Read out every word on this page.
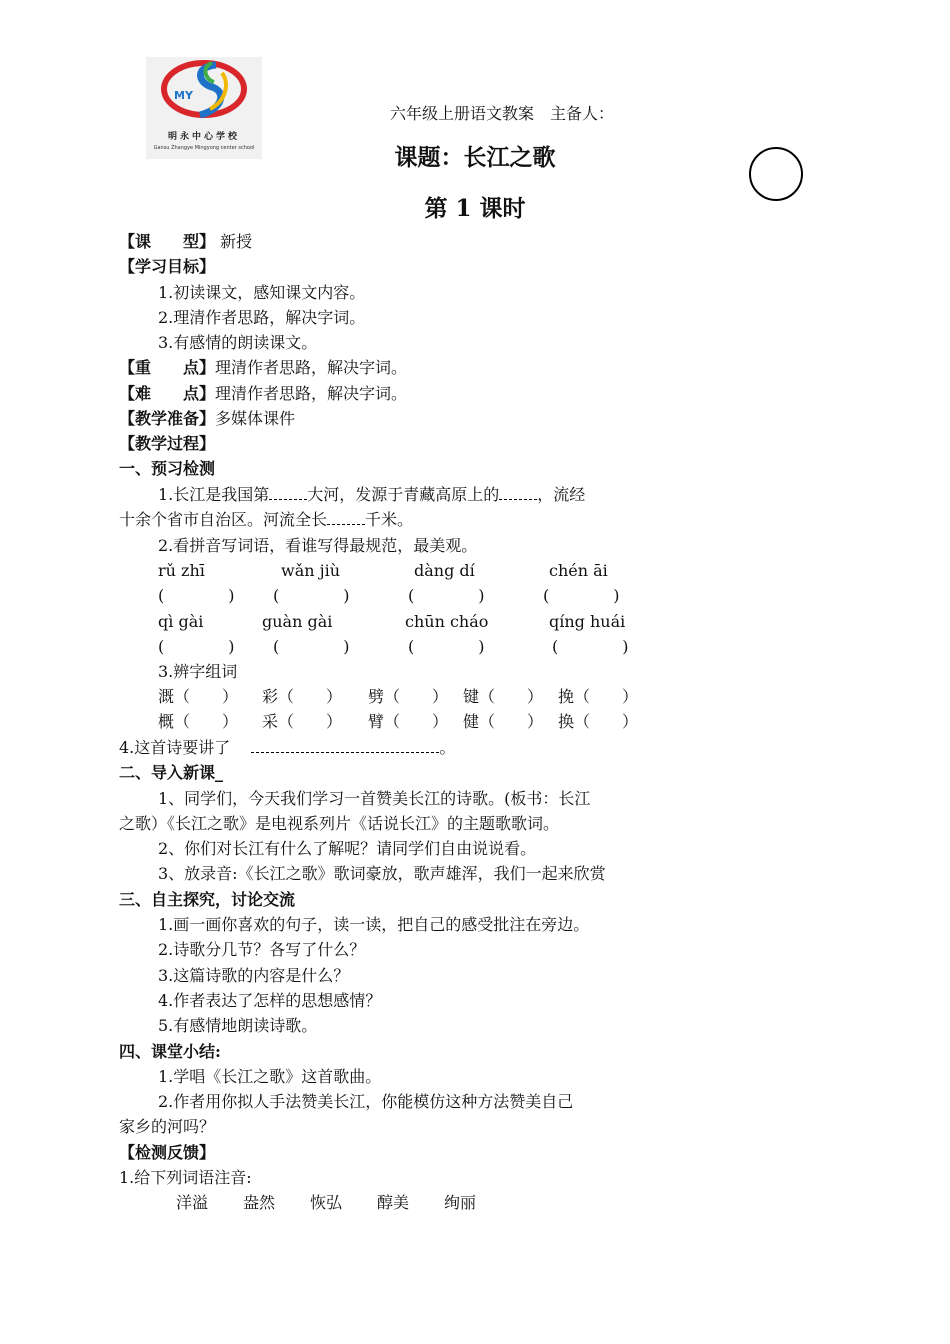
MY
明永中心学校
Gansu Zhangye Mingyong center school
六年级上册语文教案　主备人：
课题：长江之歌
第 1 课时
【课　　型】 新授
【学习目标】
1.初读课文，感知课文内容。
2.理清作者思路，解决字词。
3.有感情的朗读课文。
【重　　点】理清作者思路，解决字词。
【难　　点】理清作者思路，解决字词。
【教学准备】多媒体课件
【教学过程】
一、预习检测
1.长江是我国第 大河，发源于青藏高原上的 ，流经
十余个省市自治区。河流全长 千米。
2.看拼音写词语，看谁写得最规范，最美观。
rǔ zhī	wǎn jiù	dàng dí	chén āi
(　　　　) (　　　　)	(　　　　)	(　　　　)
qì gài	guàn gài	chūn cháo	qíng huái
(　　　　) (　　　　)	(　　　　)	(　　　　)
3.辨字组词
溉（　　） 彩（　　） 劈（　　） 键（　　） 挽（　　）
概（　　） 采（　　） 臂（　　） 健（　　） 换（　　）
4.这首诗要讲了　	。
二、导入新课_
1、同学们，今天我们学习一首赞美长江的诗歌。(板书：长江
之歌）《长江之歌》是电视系列片《话说长江》的主题歌歌词。
2、你们对长江有什么了解呢？请同学们自由说说看。
3、放录音:《长江之歌》歌词豪放，歌声雄浑，我们一起来欣赏
三、自主探究，讨论交流
1.画一画你喜欢的句子，读一读，把自己的感受批注在旁边。
2.诗歌分几节？各写了什么？
3.这篇诗歌的内容是什么？
4.作者表达了怎样的思想感情？
5.有感情地朗读诗歌。
四、课堂小结:
1.学唱《长江之歌》这首歌曲。
2.作者用你拟人手法赞美长江，你能模仿这种方法赞美自己
家乡的河吗？
【检测反馈】
1.给下列词语注音:
洋溢 盎然 恢弘 醇美 绚丽
